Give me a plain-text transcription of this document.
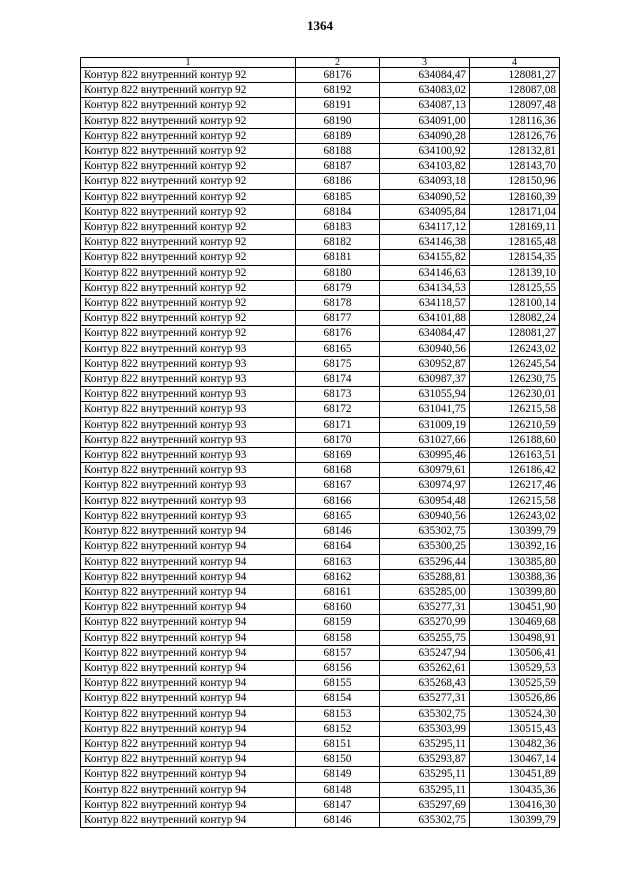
1364
1	2	3	4
Контур 822 внутренний контур 92	68176	634084,47	128081,27
Контур 822 внутренний контур 92	68192	634083,02	128087,08
Контур 822 внутренний контур 92	68191	634087,13	128097,48
Контур 822 внутренний контур 92	68190	634091,00	128116,36
Контур 822 внутренний контур 92	68189	634090,28	128126,76
Контур 822 внутренний контур 92	68188	634100,92	128132,81
Контур 822 внутренний контур 92	68187	634103,82	128143,70
Контур 822 внутренний контур 92	68186	634093,18	128150,96
Контур 822 внутренний контур 92	68185	634090,52	128160,39
Контур 822 внутренний контур 92	68184	634095,84	128171,04
Контур 822 внутренний контур 92	68183	634117,12	128169,11
Контур 822 внутренний контур 92	68182	634146,38	128165,48
Контур 822 внутренний контур 92	68181	634155,82	128154,35
Контур 822 внутренний контур 92	68180	634146,63	128139,10
Контур 822 внутренний контур 92	68179	634134,53	128125,55
Контур 822 внутренний контур 92	68178	634118,57	128100,14
Контур 822 внутренний контур 92	68177	634101,88	128082,24
Контур 822 внутренний контур 92	68176	634084,47	128081,27
Контур 822 внутренний контур 93	68165	630940,56	126243,02
Контур 822 внутренний контур 93	68175	630952,87	126245,54
Контур 822 внутренний контур 93	68174	630987,37	126230,75
Контур 822 внутренний контур 93	68173	631055,94	126230,01
Контур 822 внутренний контур 93	68172	631041,75	126215,58
Контур 822 внутренний контур 93	68171	631009,19	126210,59
Контур 822 внутренний контур 93	68170	631027,66	126188,60
Контур 822 внутренний контур 93	68169	630995,46	126163,51
Контур 822 внутренний контур 93	68168	630979,61	126186,42
Контур 822 внутренний контур 93	68167	630974,97	126217,46
Контур 822 внутренний контур 93	68166	630954,48	126215,58
Контур 822 внутренний контур 93	68165	630940,56	126243,02
Контур 822 внутренний контур 94	68146	635302,75	130399,79
Контур 822 внутренний контур 94	68164	635300,25	130392,16
Контур 822 внутренний контур 94	68163	635296,44	130385,80
Контур 822 внутренний контур 94	68162	635288,81	130388,36
Контур 822 внутренний контур 94	68161	635285,00	130399,80
Контур 822 внутренний контур 94	68160	635277,31	130451,90
Контур 822 внутренний контур 94	68159	635270,99	130469,68
Контур 822 внутренний контур 94	68158	635255,75	130498,91
Контур 822 внутренний контур 94	68157	635247,94	130506,41
Контур 822 внутренний контур 94	68156	635262,61	130529,53
Контур 822 внутренний контур 94	68155	635268,43	130525,59
Контур 822 внутренний контур 94	68154	635277,31	130526,86
Контур 822 внутренний контур 94	68153	635302,75	130524,30
Контур 822 внутренний контур 94	68152	635303,99	130515,43
Контур 822 внутренний контур 94	68151	635295,11	130482,36
Контур 822 внутренний контур 94	68150	635293,87	130467,14
Контур 822 внутренний контур 94	68149	635295,11	130451,89
Контур 822 внутренний контур 94	68148	635295,11	130435,36
Контур 822 внутренний контур 94	68147	635297,69	130416,30
Контур 822 внутренний контур 94	68146	635302,75	130399,79
